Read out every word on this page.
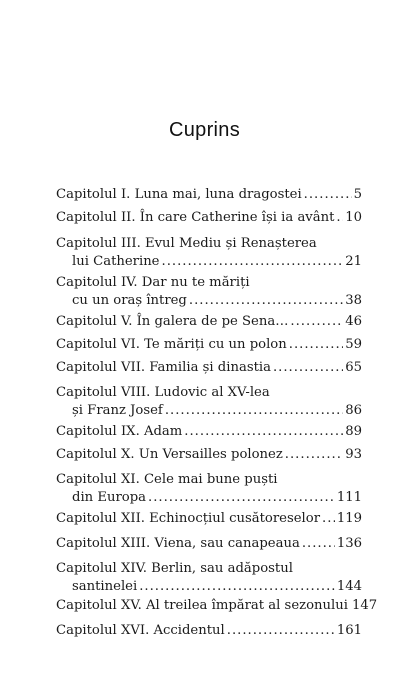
Cuprins
Capitolul I. Luna mai, luna dragostei .....	5
Capitolul II. În care Catherine își ia avânt ..... 10
Capitolul III. Evul Mediu și Renașterea
lui Catherine .....	21
Capitolul IV. Dar nu te măriți
cu un oraș întreg .....	38
Capitolul V. În galera de pe Sena… .....	46
Capitolul VI. Te măriți cu un polon .....	59
Capitolul VII. Familia și dinastia .....	65
Capitolul VIII. Ludovic al XV-lea
și Franz Josef .....	86
Capitolul IX. Adam .....	89
Capitolul X. Un Versailles polonez .....	93
Capitolul XI. Cele mai bune puști
din Europa .....	111
Capitolul XII. Echinocțiul cusătoreselor ..... 119
Capitolul XIII. Viena, sau canapeaua .....	136
Capitolul XIV. Berlin, sau adăpostul
santinelei .....	144
Capitolul XV. Al treilea împărat al sezonului 147
Capitolul XVI. Accidentul .....	161
